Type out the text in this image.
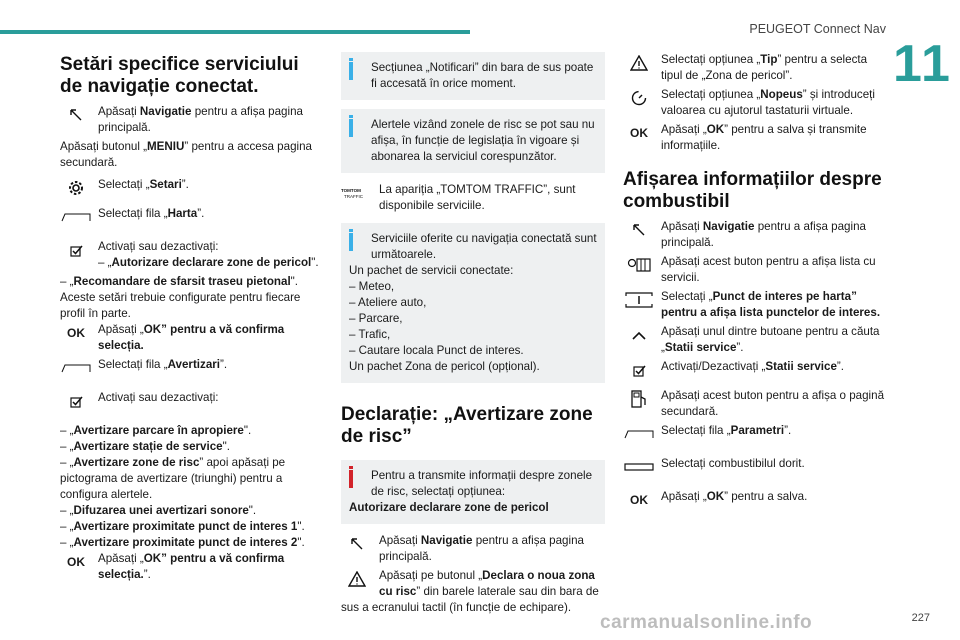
PEUGEOT Connect Nav
11
Setări specifice serviciului de navigație conectat.
Apăsați Navigatie pentru a afișa pagina principală.

Apăsați butonul „MENIU” pentru a accesa pagina secundară.

Selectați „Setari”.
Selectați fila „Harta”.
Activați sau dezactivați:
– „Autorizare declarare zone de pericol".

– „Recomandare de sfarsit traseu pietonal".

Aceste setări trebuie configurate pentru fiecare profil în parte.

OK	Apăsați „OK” pentru a vă confirma selecția.
Selectați fila „Avertizari”.
Activați sau dezactivați:

– „Avertizare parcare în apropiere".

– „Avertizare stație de service".

– „Avertizare zone de risc” apoi apăsați pe pictograma de avertizare (triunghi) pentru a configura alertele.

– „Difuzarea unei avertizari sonore".

– „Avertizare proximitate punct de interes 1".

– „Avertizare proximitate punct de interes 2".

OK	Apăsați „OK” pentru a vă confirma selecția.”.
Secțiunea „Notificari” din bara de sus poate fi accesată în orice moment.
Alertele vizând zonele de risc se pot sau nu afișa, în funcție de legislația în vigoare și abonarea la serviciul corespunzător.
TOMTOM
TRAFFIC
La apariția „TOMTOM TRAFFIC”, sunt disponibile serviciile.
Serviciile oferite cu navigația conectată sunt următoarele.

Un pachet de servicii conectate:

– Meteo,

– Ateliere auto,

– Parcare,

– Trafic,

– Cautare locala Punct de interes.

Un pachet Zona de pericol (opțional).

Declarație: „Avertizare zone de risc”
Pentru a transmite informații despre zonele de risc, selectați opțiunea:

Autorizare declarare zone de pericol

Apăsați Navigatie pentru a afișa pagina principală.
Apăsați pe butonul „Declara o noua zona cu risc” din barele laterale sau din bara de sus a ecranului tactil (în funcție de echipare).
Selectați opțiunea „Tip” pentru a selecta tipul de „Zona de pericol”.
Selectați opțiunea „Nopeus” și introduceți valoarea cu ajutorul tastaturii virtuale.
OK	Apăsați „OK” pentru a salva și transmite informațiile.
Afișarea informațiilor despre combustibil
Apăsați Navigatie pentru a afișa pagina principală.
Apăsați acest buton pentru a afișa lista cu servicii.
Selectați „Punct de interes pe harta” pentru a afișa lista punctelor de interes.
Apăsați unul dintre butoane pentru a căuta „Statii service”.
Activați/Dezactivați „Statii service”.
Apăsați acest buton pentru a afișa o pagină secundară.
Selectați fila „Parametri”.
Selectați combustibilul dorit.
OK	Apăsați „OK” pentru a salva.
carmanualsonline.info	227
